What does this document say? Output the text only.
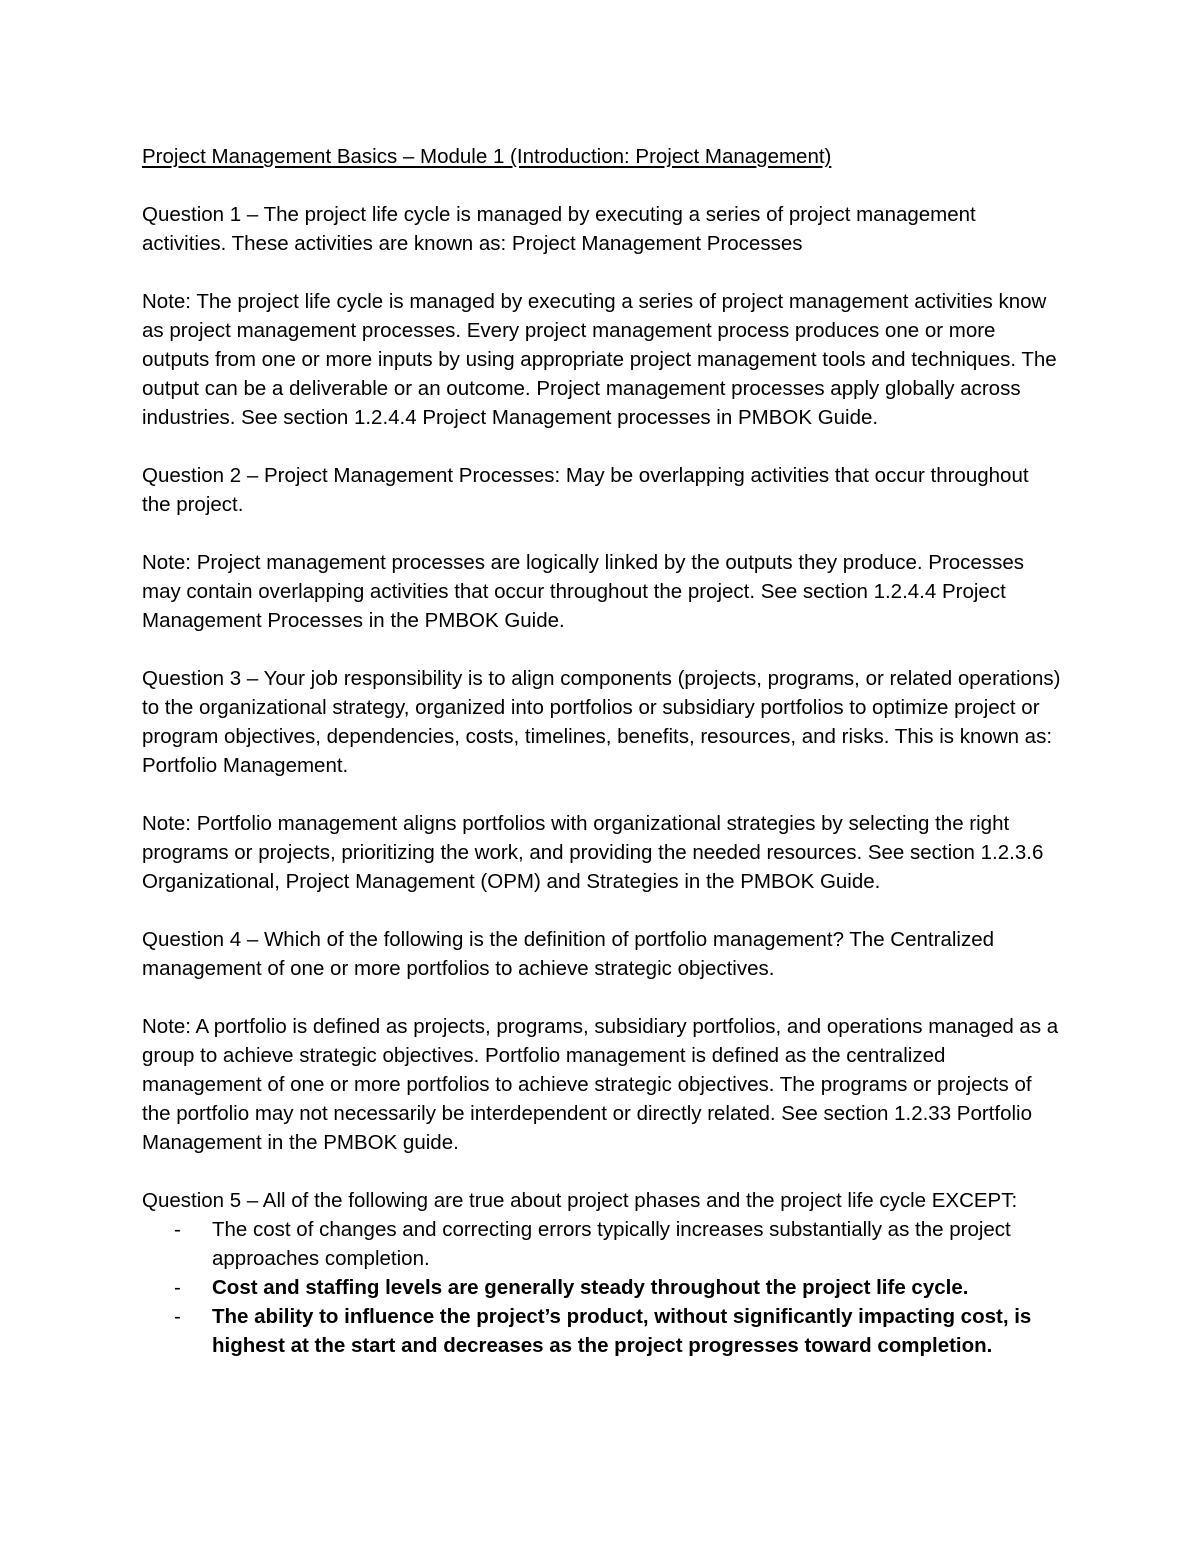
Project Management Basics – Module 1 (Introduction: Project Management)

Question 1 – The project life cycle is managed by executing a series of project management activities. These activities are known as: Project Management Processes

Note: The project life cycle is managed by executing a series of project management activities know as project management processes. Every project management process produces one or more outputs from one or more inputs by using appropriate project management tools and techniques. The output can be a deliverable or an outcome. Project management processes apply globally across industries. See section 1.2.4.4 Project Management processes in PMBOK Guide.

Question 2 – Project Management Processes: May be overlapping activities that occur throughout the project.

Note: Project management processes are logically linked by the outputs they produce. Processes may contain overlapping activities that occur throughout the project. See section 1.2.4.4 Project Management Processes in the PMBOK Guide.

Question 3 – Your job responsibility is to align components (projects, programs, or related operations) to the organizational strategy, organized into portfolios or subsidiary portfolios to optimize project or program objectives, dependencies, costs, timelines, benefits, resources, and risks. This is known as: Portfolio Management.

Note: Portfolio management aligns portfolios with organizational strategies by selecting the right programs or projects, prioritizing the work, and providing the needed resources. See section 1.2.3.6 Organizational, Project Management (OPM) and Strategies in the PMBOK Guide.

Question 4 – Which of the following is the definition of portfolio management? The Centralized management of one or more portfolios to achieve strategic objectives.

Note: A portfolio is defined as projects, programs, subsidiary portfolios, and operations managed as a group to achieve strategic objectives. Portfolio management is defined as the centralized management of one or more portfolios to achieve strategic objectives. The programs or projects of the portfolio may not necessarily be interdependent or directly related. See section 1.2.33 Portfolio Management in the PMBOK guide.

Question 5 – All of the following are true about project phases and the project life cycle EXCEPT:

- The cost of changes and correcting errors typically increases substantially as the project approaches completion.
- Cost and staffing levels are generally steady throughout the project life cycle.
- The ability to influence the project’s product, without significantly impacting cost, is highest at the start and decreases as the project progresses toward completion.
